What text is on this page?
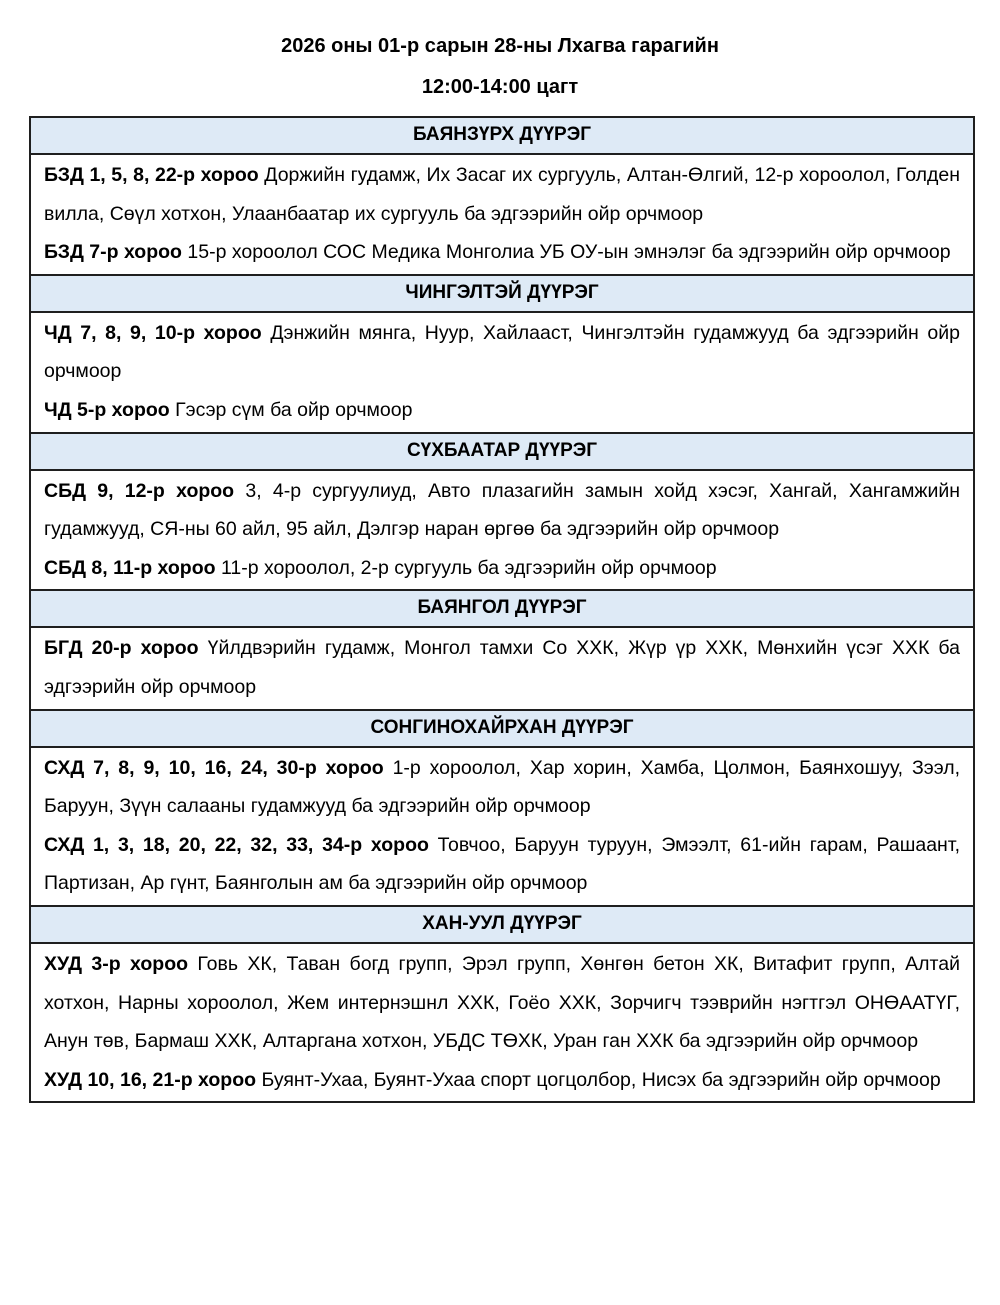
2026 оны 01-р сарын 28-ны Лхагва гарагийн

12:00-14:00 цагт

БАЯНЗҮРХ ДҮҮРЭГ

БЗД 1, 5, 8, 22-р хороо Доржийн гудамж, Их Засаг их сургууль, Алтан-Өлгий, 12-р хороолол, Голден вилла, Сөүл хотхон, Улаанбаатар их сургууль ба эдгээрийн ойр орчмоор

БЗД 7-р хороо 15-р хороолол СОС Медика Монголиа УБ ОУ-ын эмнэлэг ба эдгээрийн ойр орчмоор

ЧИНГЭЛТЭЙ ДҮҮРЭГ

ЧД 7, 8, 9, 10-р хороо Дэнжийн мянга, Нуур, Хайлааст, Чингэлтэйн гудамжууд ба эдгээрийн ойр орчмоор

ЧД 5-р хороо Гэсэр сүм ба ойр орчмоор

СҮХБААТАР ДҮҮРЭГ

СБД 9, 12-р хороо 3, 4-р сургуулиуд, Авто плазагийн замын хойд хэсэг, Хангай, Хангамжийн гудамжууд, СЯ-ны 60 айл, 95 айл, Дэлгэр наран өргөө ба эдгээрийн ойр орчмоор

СБД 8, 11-р хороо 11-р хороолол, 2-р сургууль ба эдгээрийн ойр орчмоор

БАЯНГОЛ ДҮҮРЭГ

БГД 20-р хороо Үйлдвэрийн гудамж, Монгол тамхи Со ХХК, Жүр үр ХХК, Мөнхийн үсэг ХХК ба эдгээрийн ойр орчмоор

СОНГИНОХАЙРХАН ДҮҮРЭГ

СХД 7, 8, 9, 10, 16, 24, 30-р хороо 1-р хороолол, Хар хорин, Хамба, Цолмон, Баянхошуу, Зээл, Баруун, Зүүн салааны гудамжууд ба эдгээрийн ойр орчмоор

СХД 1, 3, 18, 20, 22, 32, 33, 34-р хороо Товчоо, Баруун туруун, Эмээлт, 61-ийн гарам, Рашаант, Партизан, Ар гүнт, Баянголын ам ба эдгээрийн ойр орчмоор

ХАН-УУЛ ДҮҮРЭГ

ХУД 3-р хороо Говь ХК, Таван богд групп, Эрэл групп, Хөнгөн бетон ХК, Витафит групп, Алтай хотхон, Нарны хороолол, Жем интернэшнл ХХК, Гоёо ХХК, Зорчигч тээврийн нэгтгэл ОНӨААТҮГ, Анун төв, Бармаш ХХК, Алтаргана хотхон, УБДС ТӨХК, Уран ган ХХК ба эдгээрийн ойр орчмоор

ХУД 10, 16, 21-р хороо Буянт-Ухаа, Буянт-Ухаа спорт цогцолбор, Нисэх ба эдгээрийн ойр орчмоор
